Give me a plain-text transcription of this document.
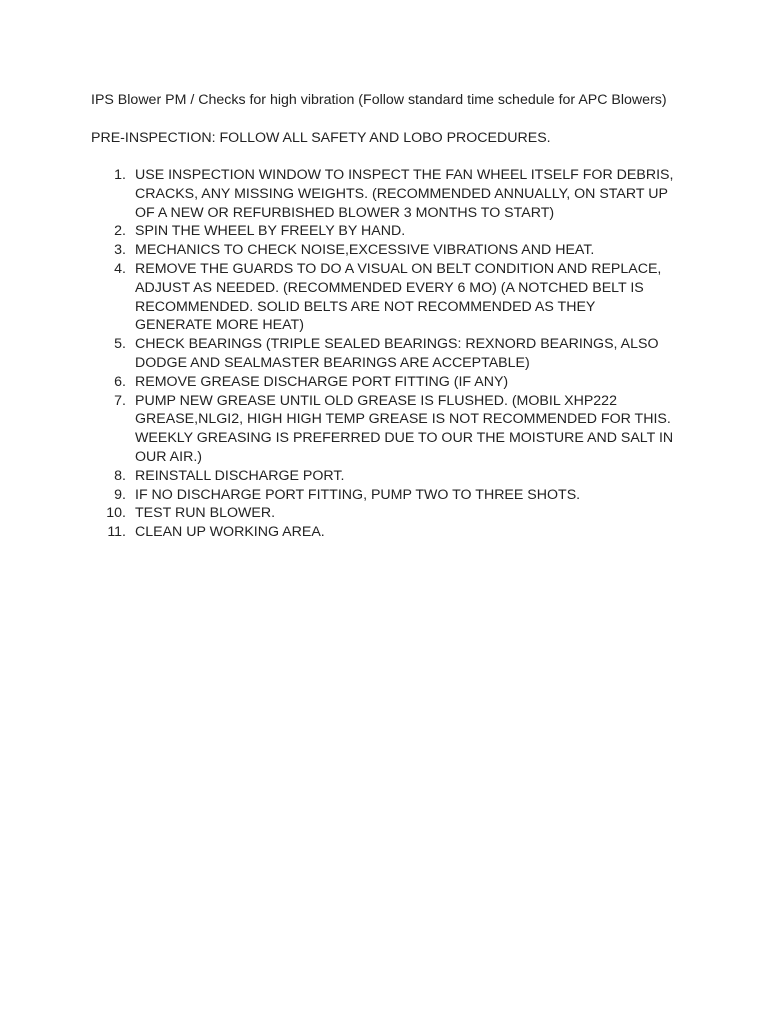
IPS Blower PM / Checks for high vibration (Follow standard time schedule for APC Blowers)

PRE-INSPECTION: FOLLOW ALL SAFETY AND LOBO PROCEDURES.

1. USE INSPECTION WINDOW TO INSPECT THE FAN WHEEL ITSELF FOR DEBRIS, CRACKS, ANY MISSING WEIGHTS. (RECOMMENDED ANNUALLY, ON START UP OF A NEW OR REFURBISHED BLOWER 3 MONTHS TO START)
2. SPIN THE WHEEL BY FREELY BY HAND.
3. MECHANICS TO CHECK NOISE,EXCESSIVE VIBRATIONS AND HEAT.
4. REMOVE THE GUARDS TO DO A VISUAL ON BELT CONDITION AND REPLACE, ADJUST AS NEEDED. (RECOMMENDED EVERY 6 MO) (A NOTCHED BELT IS RECOMMENDED. SOLID BELTS ARE NOT RECOMMENDED AS THEY GENERATE MORE HEAT)
5. CHECK BEARINGS (TRIPLE SEALED BEARINGS: REXNORD BEARINGS, ALSO DODGE AND SEALMASTER BEARINGS ARE ACCEPTABLE)
6. REMOVE GREASE DISCHARGE PORT FITTING (IF ANY)
7. PUMP NEW GREASE UNTIL OLD GREASE IS FLUSHED. (MOBIL XHP222 GREASE,NLGI2, HIGH HIGH TEMP GREASE IS NOT RECOMMENDED FOR THIS. WEEKLY GREASING IS PREFERRED DUE TO OUR THE MOISTURE AND SALT IN OUR AIR.)
8. REINSTALL DISCHARGE PORT.
9. IF NO DISCHARGE PORT FITTING, PUMP TWO TO THREE SHOTS.
10. TEST RUN BLOWER.
11. CLEAN UP WORKING AREA.
